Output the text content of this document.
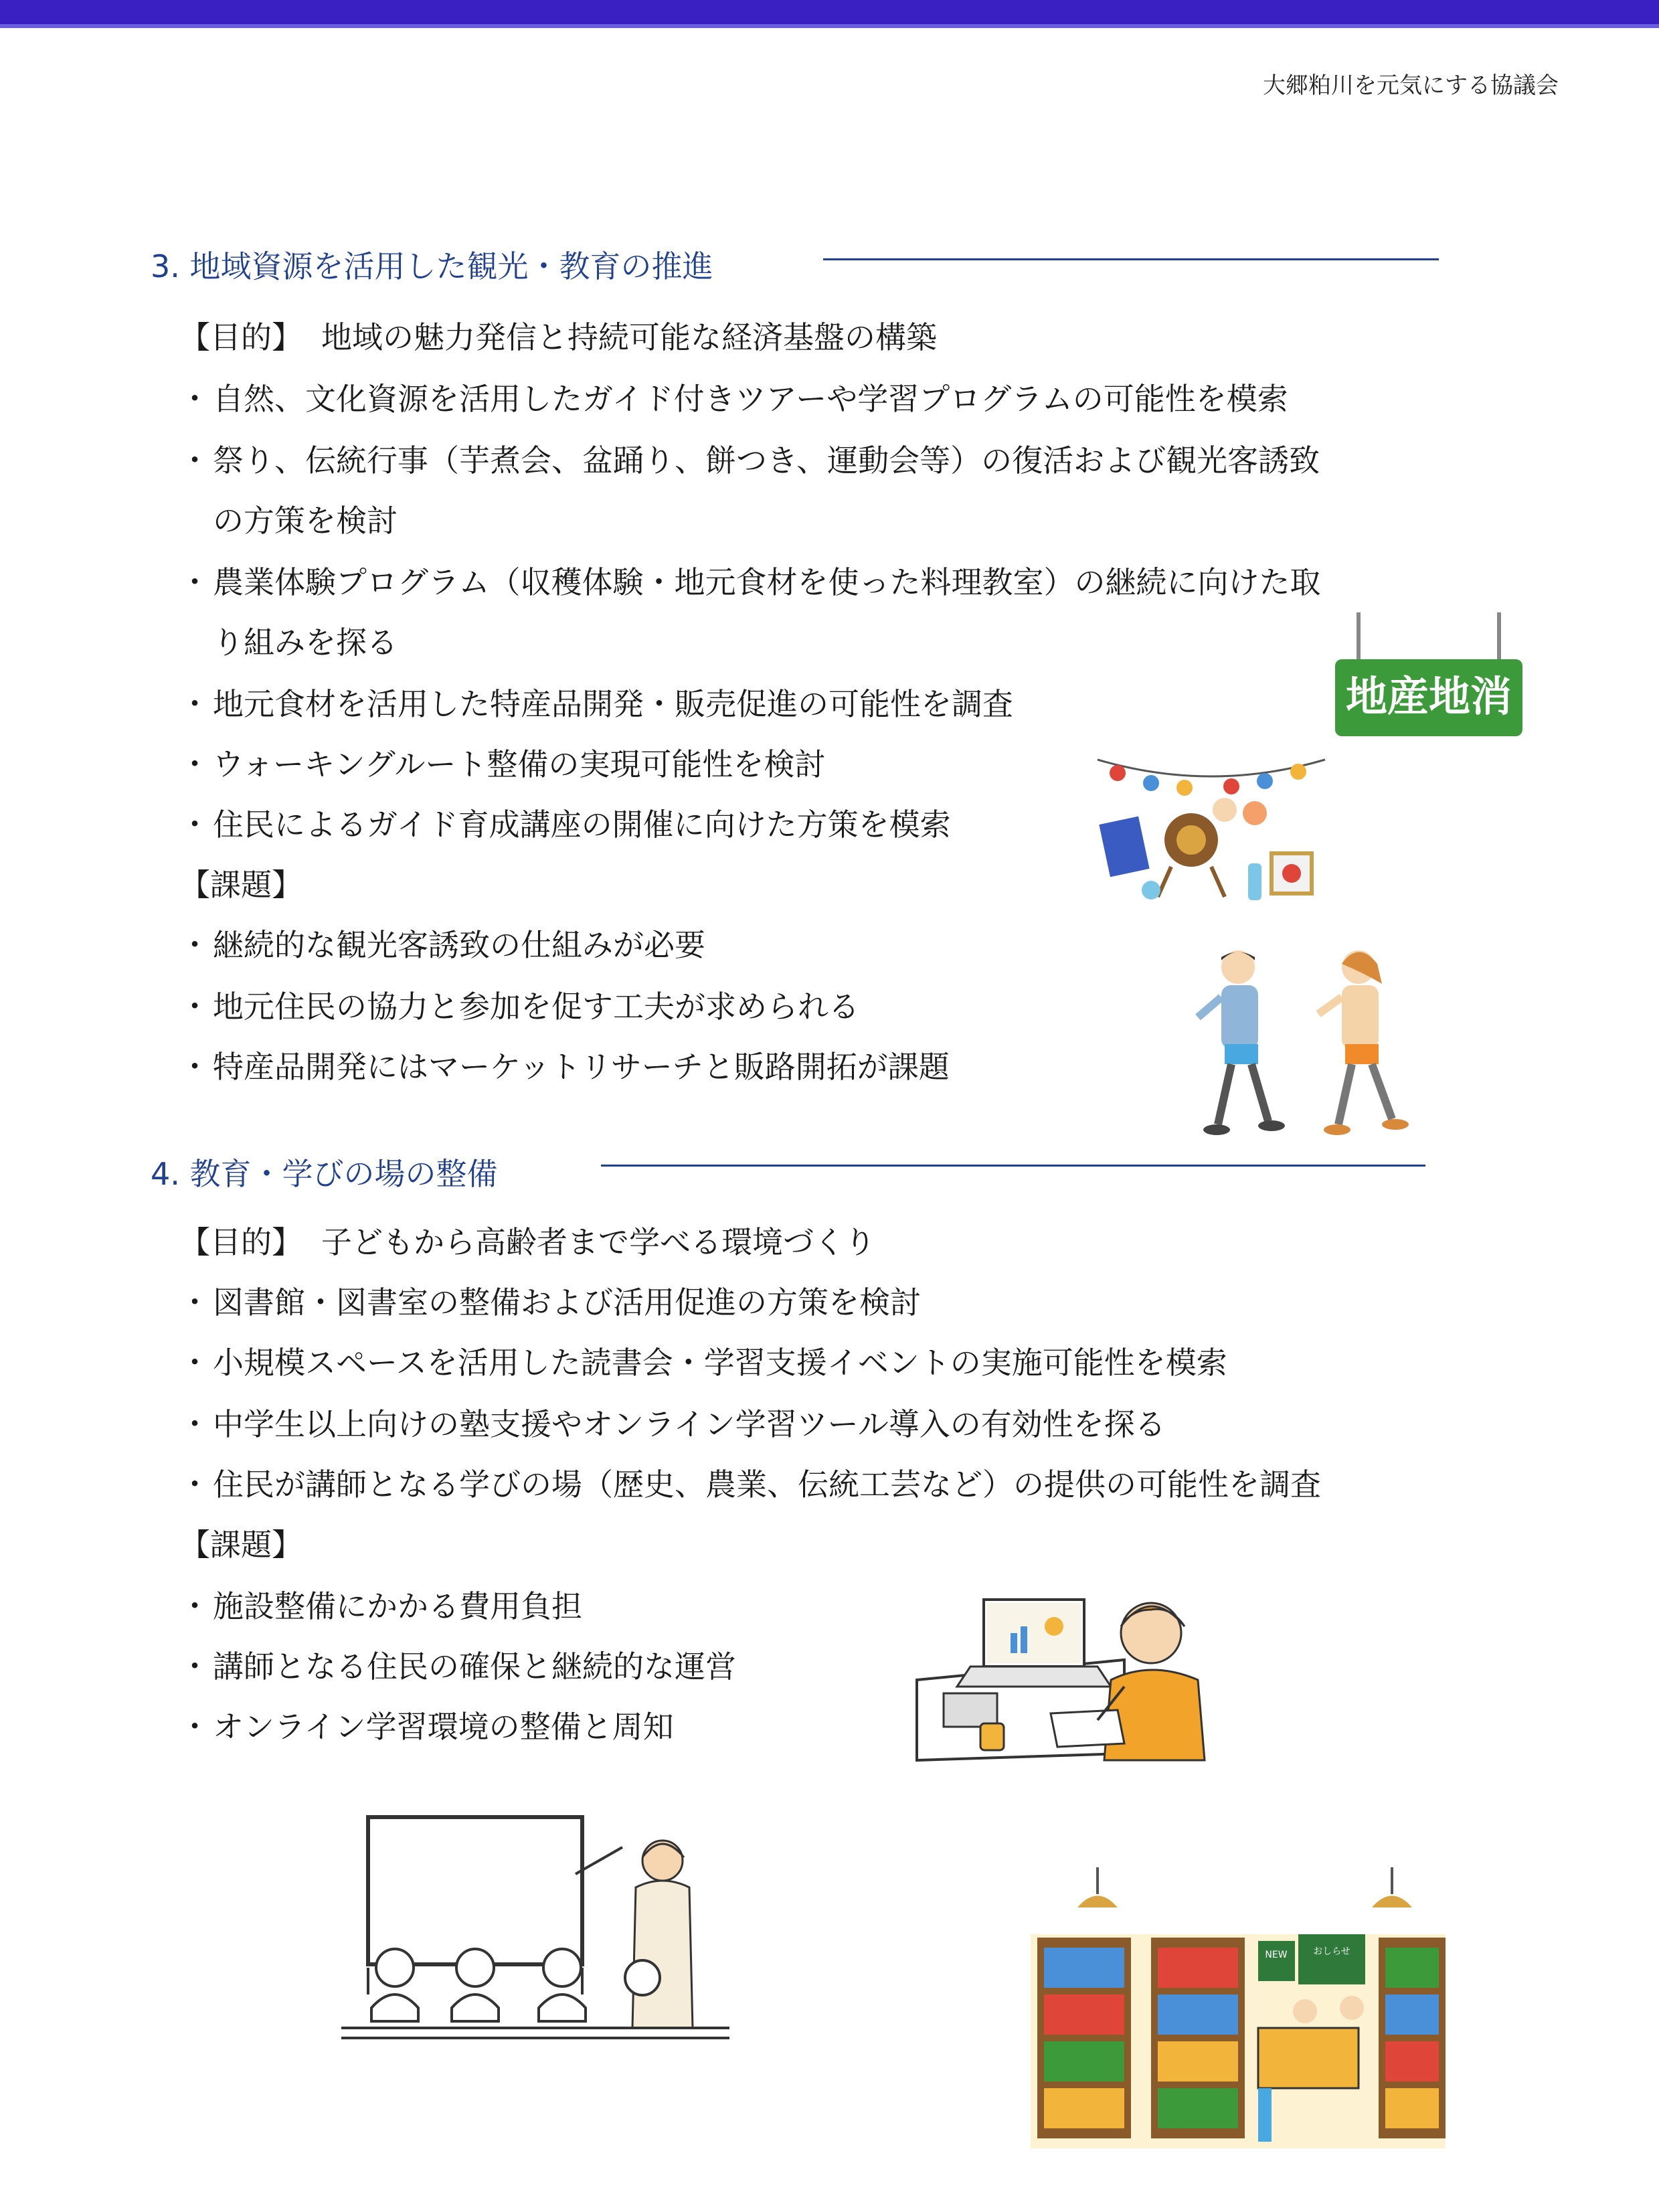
大郷粕川を元気にする協議会
3. 地域資源を活用した観光・教育の推進
【目的】 地域の魅力発信と持続可能な経済基盤の構築
・ 自然、文化資源を活用したガイド付きツアーや学習プログラムの可能性を模索
・ 祭り、伝統行事（芋煮会、盆踊り、餅つき、運動会等）の復活および観光客誘致
の方策を検討
・ 農業体験プログラム（収穫体験・地元食材を使った料理教室）の継続に向けた取
り組みを探る
・ 地元食材を活用した特産品開発・販売促進の可能性を調査
・ ウォーキングルート整備の実現可能性を検討
・ 住民によるガイド育成講座の開催に向けた方策を模索
【課題】
・ 継続的な観光客誘致の仕組みが必要
・ 地元住民の協力と参加を促す工夫が求められる
・ 特産品開発にはマーケットリサーチと販路開拓が課題
地産地消
4. 教育・学びの場の整備
【目的】 子どもから高齢者まで学べる環境づくり
・ 図書館・図書室の整備および活用促進の方策を検討
・ 小規模スペースを活用した読書会・学習支援イベントの実施可能性を模索
・ 中学生以上向けの塾支援やオンライン学習ツール導入の有効性を探る
・ 住民が講師となる学びの場（歴史、農業、伝統工芸など）の提供の可能性を調査
【課題】
・ 施設整備にかかる費用負担
・ 講師となる住民の確保と継続的な運営
・ オンライン学習環境の整備と周知
NEW	おしらせ
